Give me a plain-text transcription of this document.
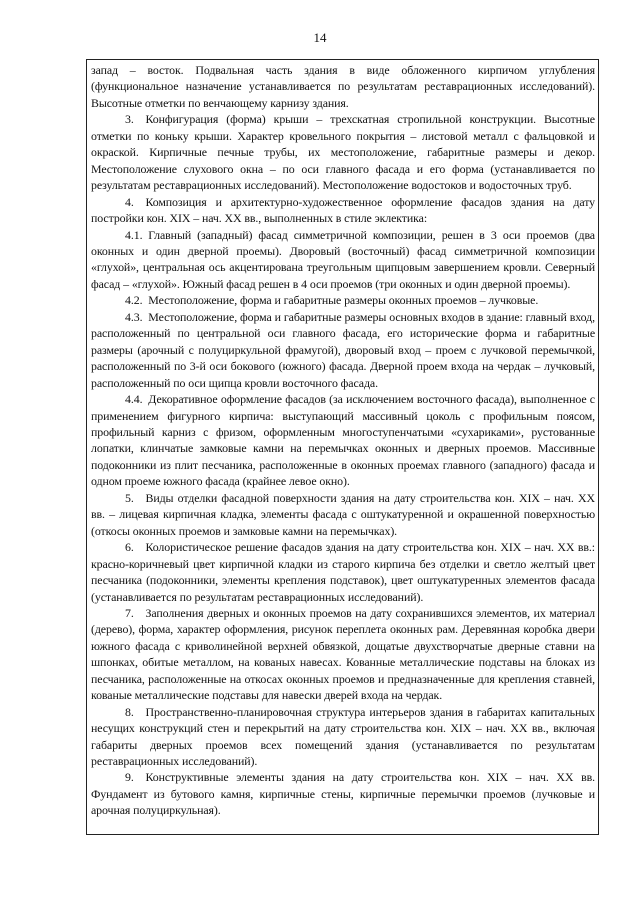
14

запад – восток. Подвальная часть здания в виде обложенного кирпичом углубления (функциональное назначение устанавливается по результатам реставрационных исследований). Высотные отметки по венчающему карнизу здания.

3. Конфигурация (форма) крыши – трехскатная стропильной конструкции. Высотные отметки по коньку крыши. Характер кровельного покрытия – листовой металл с фальцовкой и окраской. Кирпичные печные трубы, их местоположение, габаритные размеры и декор. Местоположение слухового окна – по оси главного фасада и его форма (устанавливается по результатам реставрационных исследований). Местоположение водостоков и водосточных труб.

4. Композиция и архитектурно-художественное оформление фасадов здания на дату постройки кон. XIX – нач. XX вв., выполненных в стиле эклектика:

4.1. Главный (западный) фасад симметричной композиции, решен в 3 оси проемов (два оконных и один дверной проемы). Дворовый (восточный) фасад симметричной композиции «глухой», центральная ось акцентирована треугольным щипцовым завершением кровли. Северный фасад – «глухой». Южный фасад решен в 4 оси проемов (три оконных и один дверной проемы).

4.2. Местоположение, форма и габаритные размеры оконных проемов – лучковые.

4.3. Местоположение, форма и габаритные размеры основных входов в здание: главный вход, расположенный по центральной оси главного фасада, его исторические форма и габаритные размеры (арочный с полуциркульной фрамугой), дворовый вход – проем с лучковой перемычкой, расположенный по 3-й оси бокового (южного) фасада. Дверной проем входа на чердак – лучковый, расположенный по оси щипца кровли восточного фасада.

4.4. Декоративное оформление фасадов (за исключением восточного фасада), выполненное с применением фигурного кирпича: выступающий массивный цоколь с профильным поясом, профильный карниз с фризом, оформленным многоступенчатыми «сухариками», рустованные лопатки, клинчатые замковые камни на перемычках оконных и дверных проемов. Массивные подоконники из плит песчаника, расположенные в оконных проемах главного (западного) фасада и одном проеме южного фасада (крайнее левое окно).

5. Виды отделки фасадной поверхности здания на дату строительства кон. XIX – нач. XX вв. – лицевая кирпичная кладка, элементы фасада с оштукатуренной и окрашенной поверхностью (откосы оконных проемов и замковые камни на перемычках).

6. Колористическое решение фасадов здания на дату строительства кон. XIX – нач. XX вв.: красно-коричневый цвет кирпичной кладки из старого кирпича без отделки и светло желтый цвет песчаника (подоконники, элементы крепления подставок), цвет оштукатуренных элементов фасада (устанавливается по результатам реставрационных исследований).

7. Заполнения дверных и оконных проемов на дату сохранившихся элементов, их материал (дерево), форма, характер оформления, рисунок переплета оконных рам. Деревянная коробка двери южного фасада с криволинейной верхней обвязкой, дощатые двухстворчатые дверные ставни на шпонках, обитые металлом, на кованых навесах. Кованные металлические подставы на блоках из песчаника, расположенные на откосах оконных проемов и предназначенные для крепления ставней, кованые металлические подставы для навески дверей входа на чердак.

8. Пространственно-планировочная структура интерьеров здания в габаритах капитальных несущих конструкций стен и перекрытий на дату строительства кон. XIX – нач. XX вв., включая габариты дверных проемов всех помещений здания (устанавливается по результатам реставрационных исследований).

9. Конструктивные элементы здания на дату строительства кон. XIX – нач. XX вв. Фундамент из бутового камня, кирпичные стены, кирпичные перемычки проемов (лучковые и арочная полуциркульная).
